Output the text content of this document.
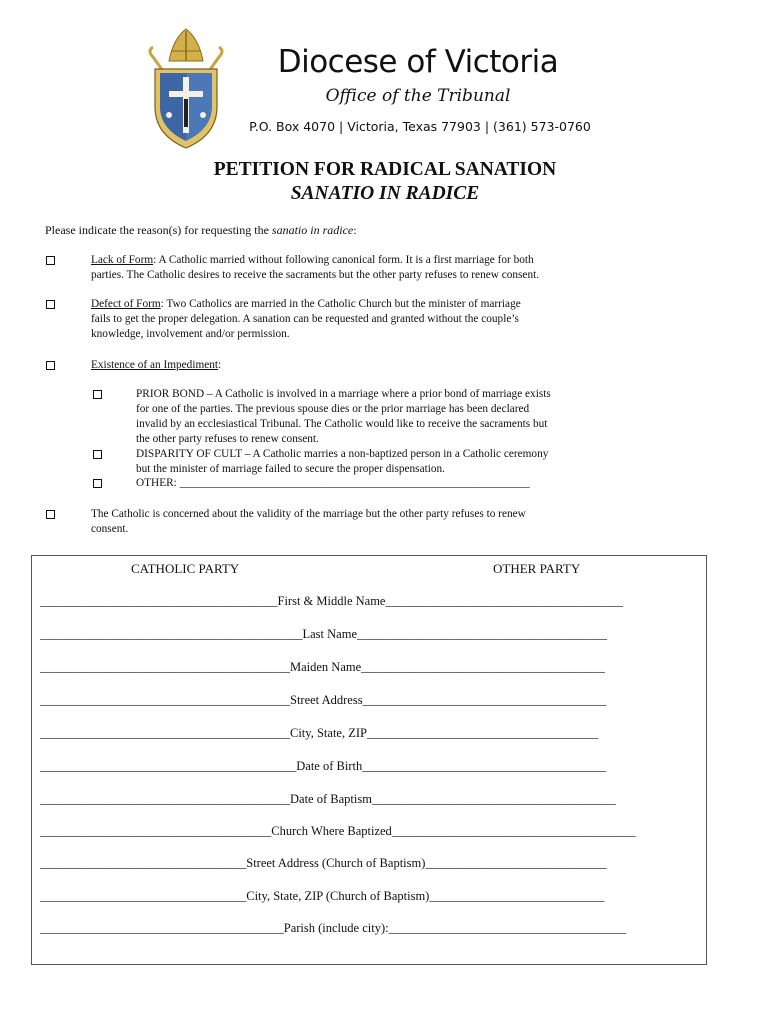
Diocese of Victoria
Office of the Tribunal
P.O. Box 4070 | Victoria, Texas 77903 | (361) 573-0760
PETITION FOR RADICAL SANATION
SANATIO IN RADICE
Please indicate the reason(s) for requesting the sanatio in radice:
Lack of Form: A Catholic married without following canonical form. It is a first marriage for both
parties. The Catholic desires to receive the sacraments but the other party refuses to renew consent.
Defect of Form: Two Catholics are married in the Catholic Church but the minister of marriage
fails to get the proper delegation. A sanation can be requested and granted without the couple’s
knowledge, involvement and/or permission.
Existence of an Impediment:
PRIOR BOND – A Catholic is involved in a marriage where a prior bond of marriage exists
for one of the parties. The previous spouse dies or the prior marriage has been declared
invalid by an ecclesiastical Tribunal. The Catholic would like to receive the sacraments but
the other party refuses to renew consent.
DISPARITY OF CULT – A Catholic marries a non-baptized person in a Catholic ceremony
but the minister of marriage failed to secure the proper dispensation.
OTHER: ______________________________________________________________
The Catholic is concerned about the validity of the marriage but the other party refuses to renew
consent.
CATHOLIC PARTY	OTHER PARTY
______________________________________First & Middle Name______________________________________
__________________________________________Last Name________________________________________
________________________________________Maiden Name_______________________________________
________________________________________Street Address_______________________________________
________________________________________City, State, ZIP_____________________________________
_________________________________________Date of Birth_______________________________________
________________________________________Date of Baptism_______________________________________
_____________________________________Church Where Baptized_______________________________________
_________________________________Street Address (Church of Baptism)_____________________________
_________________________________City, State, ZIP (Church of Baptism)____________________________
_______________________________________Parish (include city):______________________________________
